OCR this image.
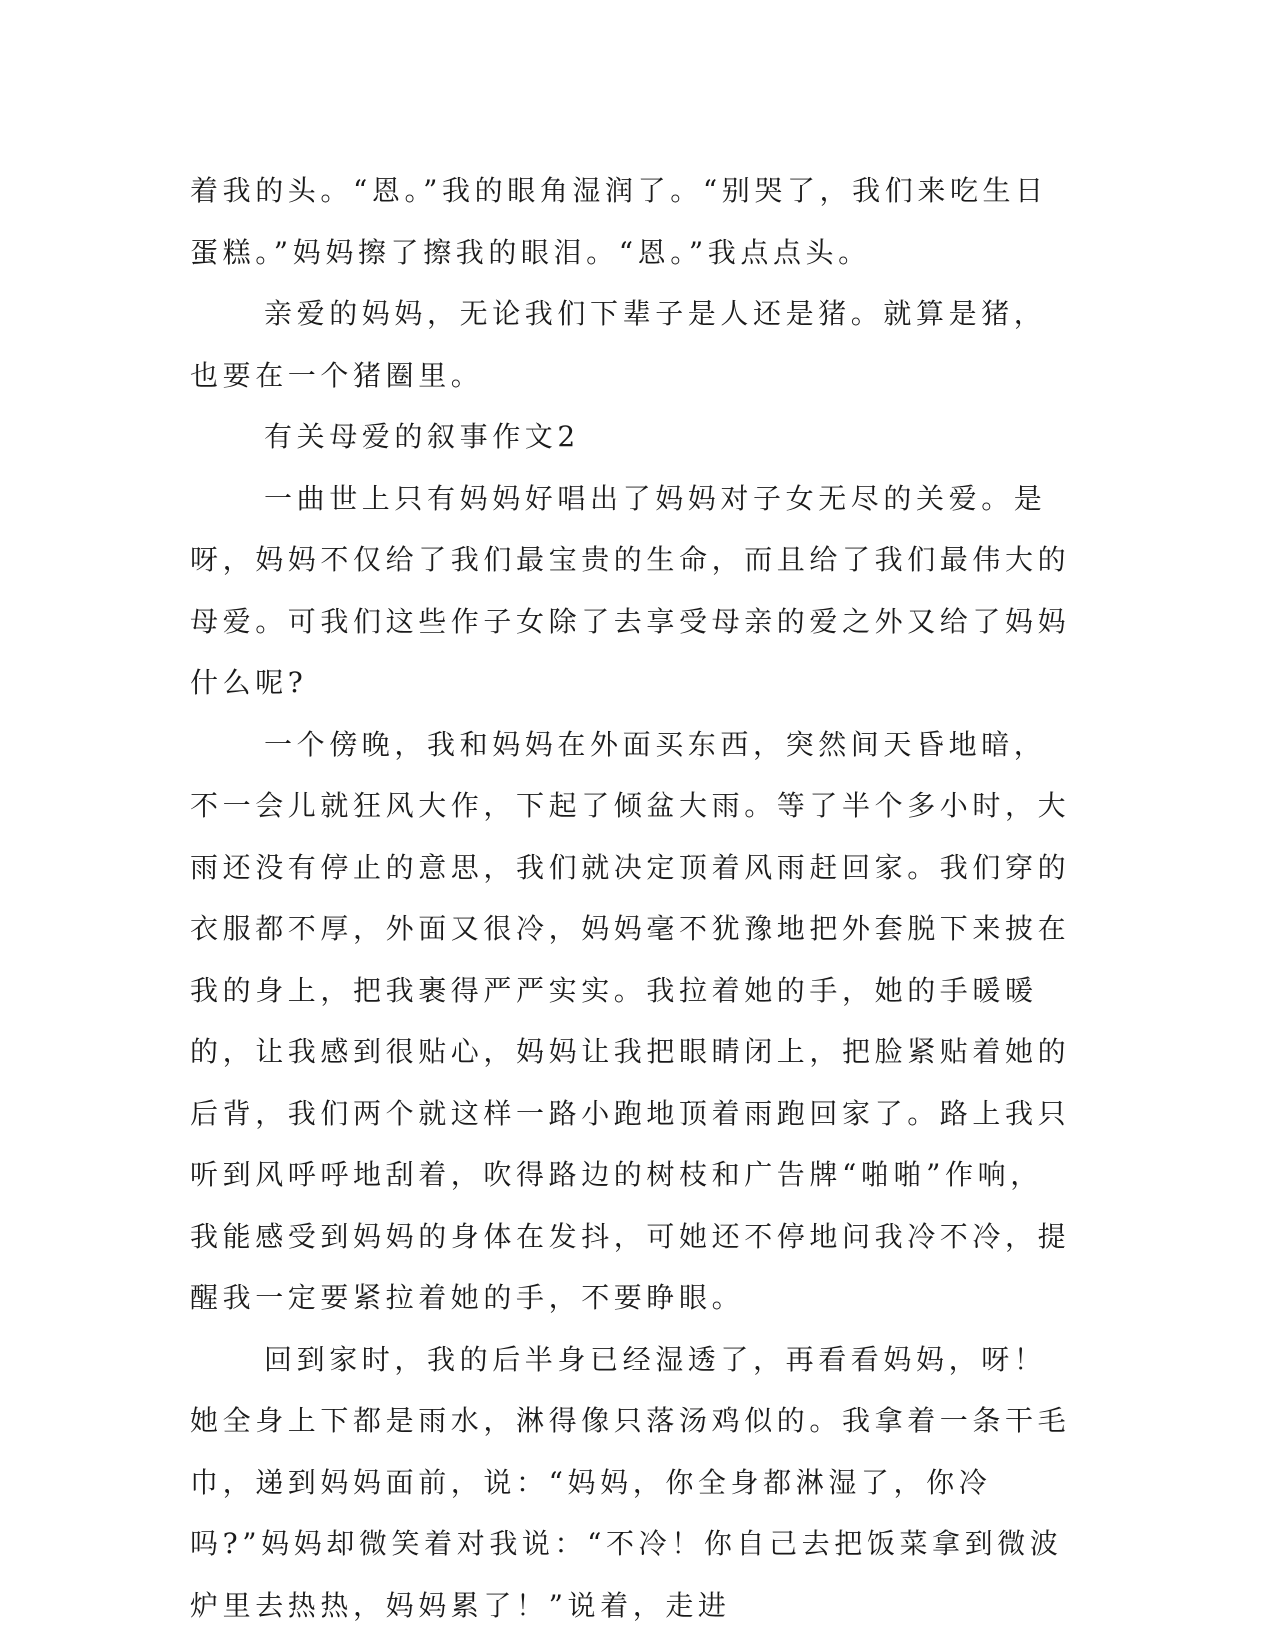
着我的头。“恩。”我的眼角湿润了。“别哭了，我们来吃生日蛋糕。”妈妈擦了擦我的眼泪。“恩。”我点点头。

亲爱的妈妈，无论我们下辈子是人还是猪。就算是猪，也要在一个猪圈里。

有关母爱的叙事作文2

一曲世上只有妈妈好唱出了妈妈对子女无尽的关爱。是呀，妈妈不仅给了我们最宝贵的生命，而且给了我们最伟大的母爱。可我们这些作子女除了去享受母亲的爱之外又给了妈妈什么呢?

一个傍晚，我和妈妈在外面买东西，突然间天昏地暗，不一会儿就狂风大作，下起了倾盆大雨。等了半个多小时，大雨还没有停止的意思，我们就决定顶着风雨赶回家。我们穿的衣服都不厚，外面又很冷，妈妈毫不犹豫地把外套脱下来披在我的身上，把我裹得严严实实。我拉着她的手，她的手暖暖的，让我感到很贴心，妈妈让我把眼睛闭上，把脸紧贴着她的后背，我们两个就这样一路小跑地顶着雨跑回家了。路上我只听到风呼呼地刮着，吹得路边的树枝和广告牌“啪啪”作响，我能感受到妈妈的身体在发抖，可她还不停地问我冷不冷，提醒我一定要紧拉着她的手，不要睁眼。

回到家时，我的后半身已经湿透了，再看看妈妈，呀！她全身上下都是雨水，淋得像只落汤鸡似的。我拿着一条干毛巾，递到妈妈面前，说：“妈妈，你全身都淋湿了，你冷吗?”妈妈却微笑着对我说：“不冷！你自己去把饭菜拿到微波炉里去热热，妈妈累了！”说着，走进
